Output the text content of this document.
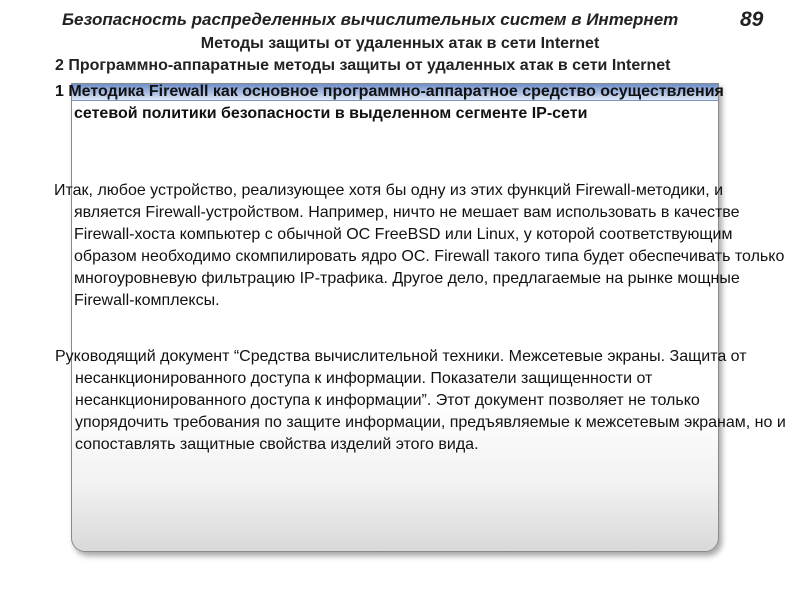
Безопасность распределенных вычислительных систем в Интернет	89
Методы защиты от удаленных атак в сети Internet
2 Программно-аппаратные методы защиты от удаленных атак в сети Internet
1 Методика Firewall как основное программно-аппаратное средство осуществления сетевой политики безопасности в выделенном сегменте IP-сети
Итак, любое устройство, реализующее хотя бы одну из этих функций Firewall-методики, и является Firewall-устройством. Например, ничто не мешает вам использовать в качестве Firewall-хоста компьютер с обычной ОС FreeBSD или Linux, у которой соответствующим образом необходимо скомпилировать ядро ОС. Firewall такого типа будет обеспечивать только многоуровневую фильтрацию IP-трафика. Другое дело, предлагаемые на рынке мощные Firewall-комплексы.
Руководящий документ “Средства вычислительной техники. Межсетевые экраны. Защита от несанкционированного доступа к информации. Показатели защищенности от несанкционированного доступа к информации”. Этот документ позволяет не только упорядочить требования по защите информации, предъявляемые к межсетевым экранам, но и сопоставлять защитные свойства изделий этого вида.
